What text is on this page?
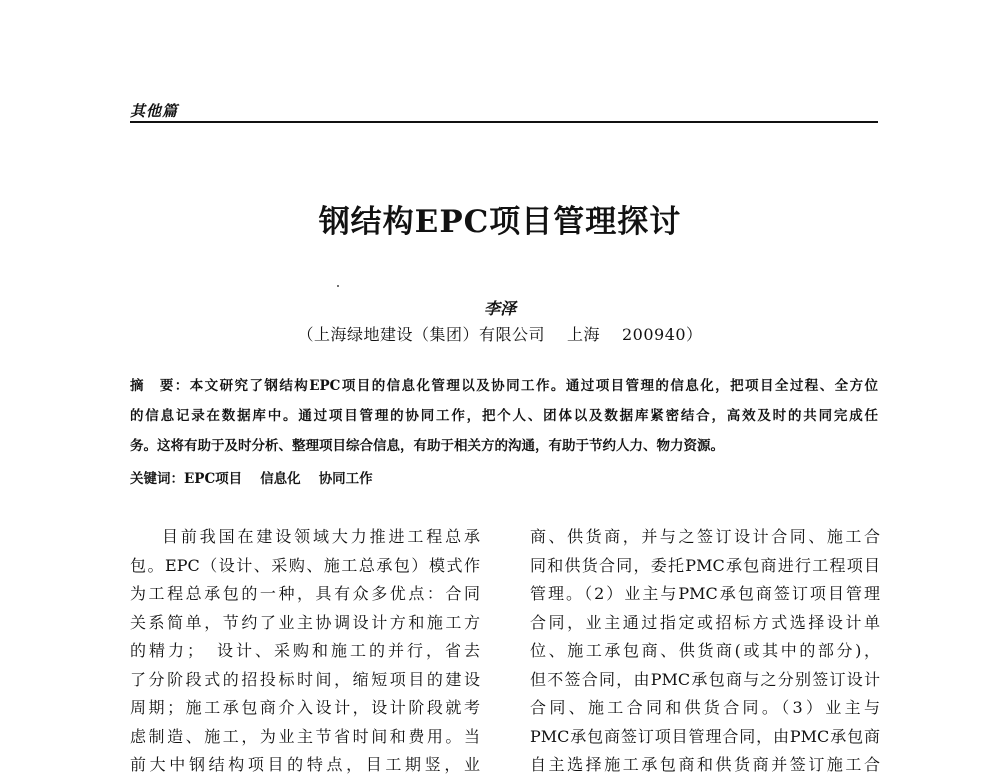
其他篇
钢结构EPC项目管理探讨
李泽
（上海绿地建设（集团）有限公司 上海 200940）
摘　要：本文研究了钢结构EPC项目的信息化管理以及协同工作。通过项目管理的信息化，把项目全过程、全方位
的信息记录在数据库中。通过项目管理的协同工作，把个人、团体以及数据库紧密结合，高效及时的共同完成任
务。这将有助于及时分析、整理项目综合信息，有助于相关方的沟通，有助于节约人力、物力资源。
关键词：EPC项目 信息化 协同工作
目前我国在建设领域大力推进工程总承
包。EPC（设计、采购、施工总承包）模式作
为工程总承包的一种，具有众多优点：合同
关系简单，节约了业主协调设计方和施工方
的精力；　设计、采购和施工的并行，省去
了分阶段式的招投标时间，缩短项目的建设
周期；施工承包商介入设计，设计阶段就考
虑制造、施工，为业主节省时间和费用。当
前大中钢结构项目的特点，目工期竖，业
商、供货商，并与之签订设计合同、施工合
同和供货合同，委托PMC承包商进行工程项目
管理。（2）业主与PMC承包商签订项目管理
合同，业主通过指定或招标方式选择设计单
位、施工承包商、供货商(或其中的部分)，
但不签合同，由PMC承包商与之分别签订设计
合同、施工合同和供货合同。（3）业主与
PMC承包商签订项目管理合同，由PMC承包商
自主选择施工承包商和供货商并签订施工合
